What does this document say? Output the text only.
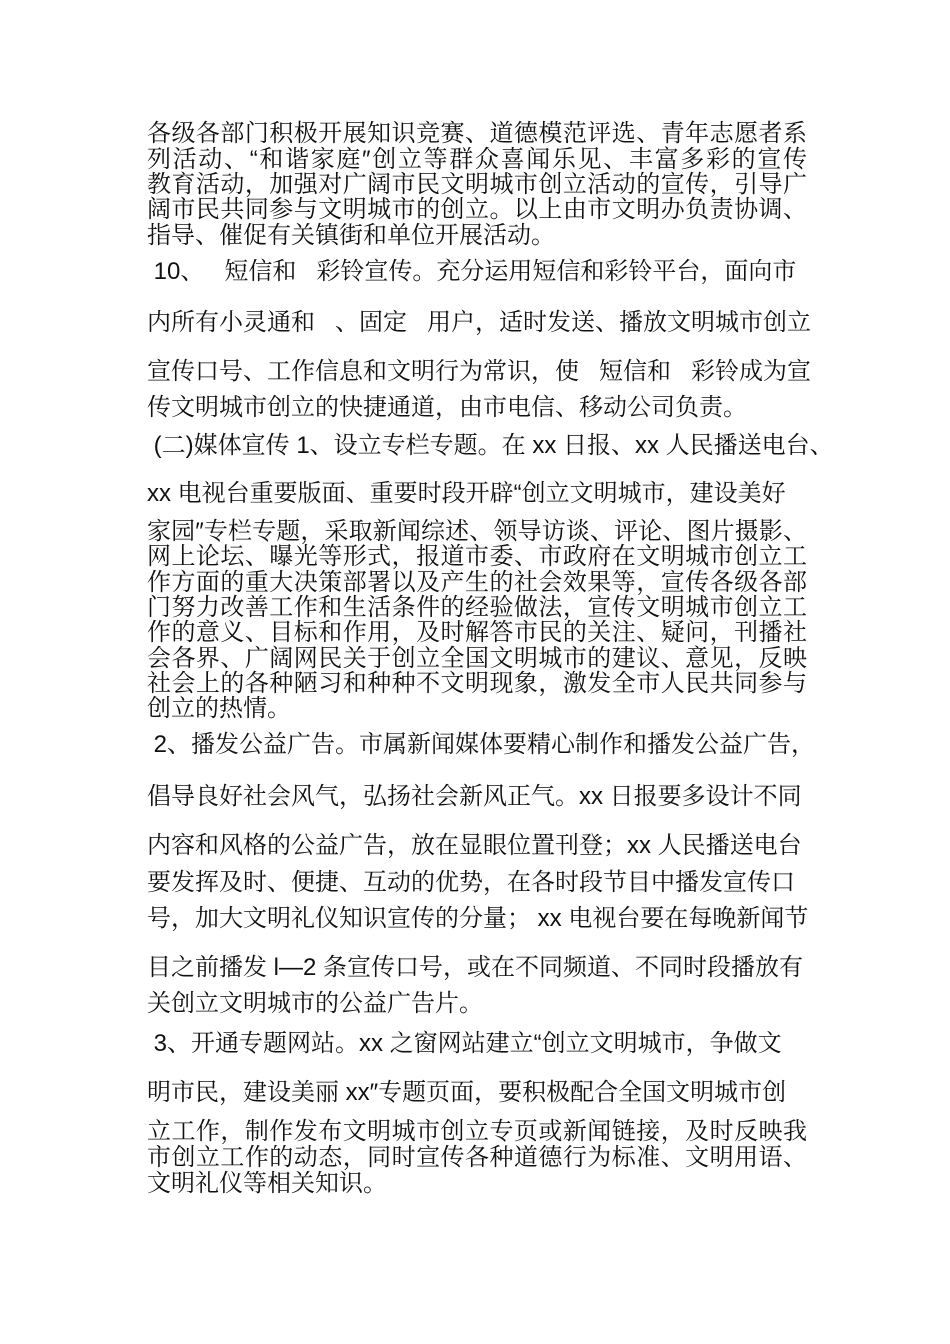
各级各部门积极开展知识竞赛、道德模范评选、青年志愿者系
列活动、“和谐家庭″创立等群众喜闻乐见、丰富多彩的宣传
教育活动，加强对广阔市民文明城市创立活动的宣传，引导广
阔市民共同参与文明城市的创立。以上由市文明办负责协调、
指导、催促有关镇街和单位开展活动。
10、   短信和   彩铃宣传。充分运用短信和彩铃平台，面向市
内所有小灵通和   、固定   用户，适时发送、播放文明城市创立
宣传口号、工作信息和文明行为常识，使   短信和   彩铃成为宣
传文明城市创立的快捷通道，由市电信、移动公司负责。
(二)媒体宣传 1、设立专栏专题。在 xx 日报、xx 人民播送电台、
xx 电视台重要版面、重要时段开辟“创立文明城市，建设美好
家园″专栏专题，采取新闻综述、领导访谈、评论、图片摄影、
网上论坛、曝光等形式，报道市委、市政府在文明城市创立工
作方面的重大决策部署以及产生的社会效果等，宣传各级各部
门努力改善工作和生活条件的经验做法，宣传文明城市创立工
作的意义、目标和作用，及时解答市民的关注、疑问，刊播社
会各界、广阔网民关于创立全国文明城市的建议、意见，反映
社会上的各种陋习和种种不文明现象，激发全市人民共同参与
创立的热情。
2、播发公益广告。市属新闻媒体要精心制作和播发公益广告，
倡导良好社会风气，弘扬社会新风正气。xx 日报要多设计不同
内容和风格的公益广告，放在显眼位置刊登；xx 人民播送电台
要发挥及时、便捷、互动的优势，在各时段节目中播发宣传口
号，加大文明礼仪知识宣传的分量； xx 电视台要在每晚新闻节
目之前播发 l—2 条宣传口号，或在不同频道、不同时段播放有
关创立文明城市的公益广告片。
3、开通专题网站。xx 之窗网站建立“创立文明城市，争做文
明市民，建设美丽 xx″专题页面，要积极配合全国文明城市创
立工作，制作发布文明城市创立专页或新闻链接，及时反映我
市创立工作的动态，同时宣传各种道德行为标准、文明用语、
文明礼仪等相关知识。
